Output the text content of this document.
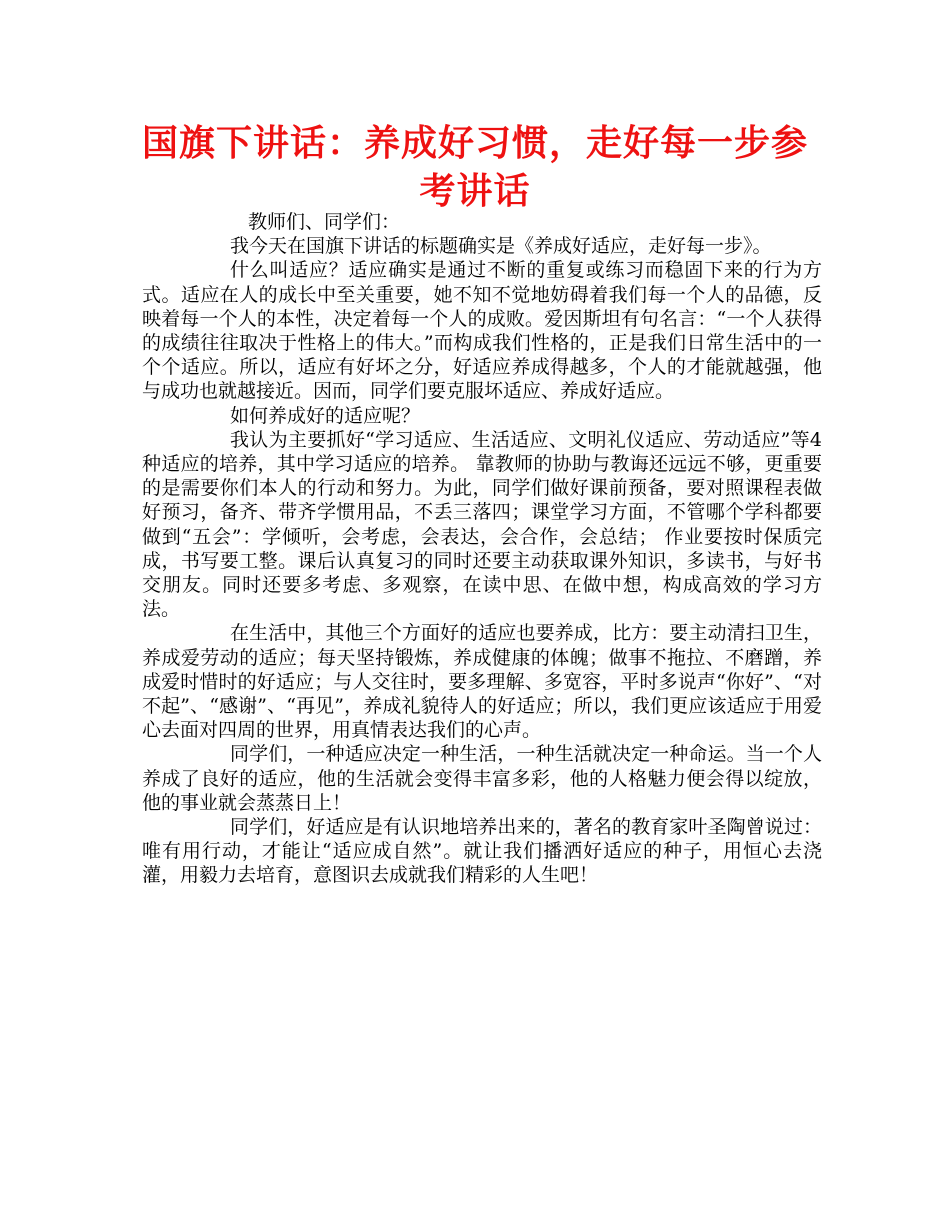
国旗下讲话：养成好习惯，走好每一步参考讲话

教师们、同学们：

我今天在国旗下讲话的标题确实是《养成好适应，走好每一步》。

什么叫适应？适应确实是通过不断的重复或练习而稳固下来的行为方式。适应在人的成长中至关重要，她不知不觉地妨碍着我们每一个人的品德，反映着每一个人的本性，决定着每一个人的成败。爱因斯坦有句名言：“一个人获得的成绩往往取决于性格上的伟大。”而构成我们性格的，正是我们日常生活中的一个个适应。所以，适应有好坏之分，好适应养成得越多，个人的才能就越强，他与成功也就越接近。因而，同学们要克服坏适应、养成好适应。

如何养成好的适应呢？

我认为主要抓好“学习适应、生活适应、文明礼仪适应、劳动适应”等4种适应的培养，其中学习适应的培养。 靠教师的协助与教诲还远远不够，更重要的是需要你们本人的行动和努力。为此，同学们做好课前预备，要对照课程表做好预习，备齐、带齐学惯用品，不丢三落四；课堂学习方面，不管哪个学科都要做到“五会”：学倾听，会考虑，会表达，会合作，会总结； 作业要按时保质完成，书写要工整。课后认真复习的同时还要主动获取课外知识，多读书，与好书交朋友。同时还要多考虑、多观察，在读中思、在做中想，构成高效的学习方法。

在生活中，其他三个方面好的适应也要养成，比方：要主动清扫卫生，养成爱劳动的适应；每天坚持锻炼，养成健康的体魄；做事不拖拉、不磨蹭，养成爱时惜时的好适应；与人交往时，要多理解、多宽容，平时多说声“你好”、“对不起”、“感谢”、“再见”，养成礼貌待人的好适应；所以，我们更应该适应于用爱心去面对四周的世界，用真情表达我们的心声。

同学们，一种适应决定一种生活，一种生活就决定一种命运。当一个人养成了良好的适应，他的生活就会变得丰富多彩，他的人格魅力便会得以绽放，他的事业就会蒸蒸日上！

同学们，好适应是有认识地培养出来的，著名的教育家叶圣陶曾说过：唯有用行动，才能让“适应成自然”。就让我们播洒好适应的种子，用恒心去浇灌，用毅力去培育，意图识去成就我们精彩的人生吧！
